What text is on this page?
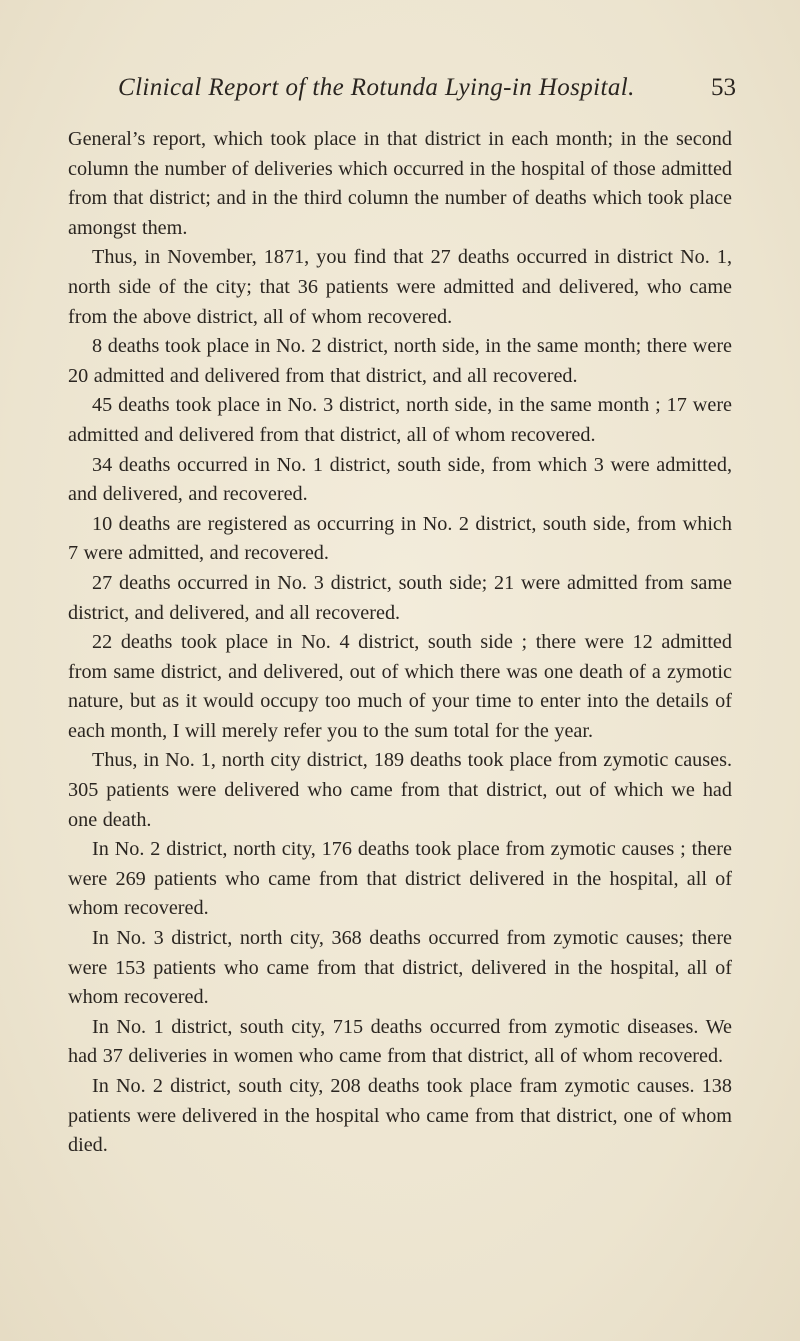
Clinical Report of the Rotunda Lying-in Hospital.	53

General’s report, which took place in that district in each month; in the second column the number of deliveries which occurred in the hospital of those admitted from that district; and in the third column the number of deaths which took place amongst them.

Thus, in November, 1871, you find that 27 deaths occurred in district No. 1, north side of the city; that 36 patients were admitted and delivered, who came from the above district, all of whom recovered.

8 deaths took place in No. 2 district, north side, in the same month; there were 20 admitted and delivered from that district, and all recovered.

45 deaths took place in No. 3 district, north side, in the same month ; 17 were admitted and delivered from that district, all of whom recovered.

34 deaths occurred in No. 1 district, south side, from which 3 were admitted, and delivered, and recovered.

10 deaths are registered as occurring in No. 2 district, south side, from which 7 were admitted, and recovered.

27 deaths occurred in No. 3 district, south side; 21 were admitted from same district, and delivered, and all recovered.

22 deaths took place in No. 4 district, south side ; there were 12 admitted from same district, and delivered, out of which there was one death of a zymotic nature, but as it would occupy too much of your time to enter into the details of each month, I will merely refer you to the sum total for the year.

Thus, in No. 1, north city district, 189 deaths took place from zymotic causes. 305 patients were delivered who came from that district, out of which we had one death.

In No. 2 district, north city, 176 deaths took place from zymotic causes ; there were 269 patients who came from that district delivered in the hospital, all of whom recovered.

In No. 3 district, north city, 368 deaths occurred from zymotic causes; there were 153 patients who came from that district, delivered in the hospital, all of whom recovered.

In No. 1 district, south city, 715 deaths occurred from zymotic diseases. We had 37 deliveries in women who came from that district, all of whom recovered.

In No. 2 district, south city, 208 deaths took place fram zymotic causes. 138 patients were delivered in the hospital who came from that district, one of whom died.
